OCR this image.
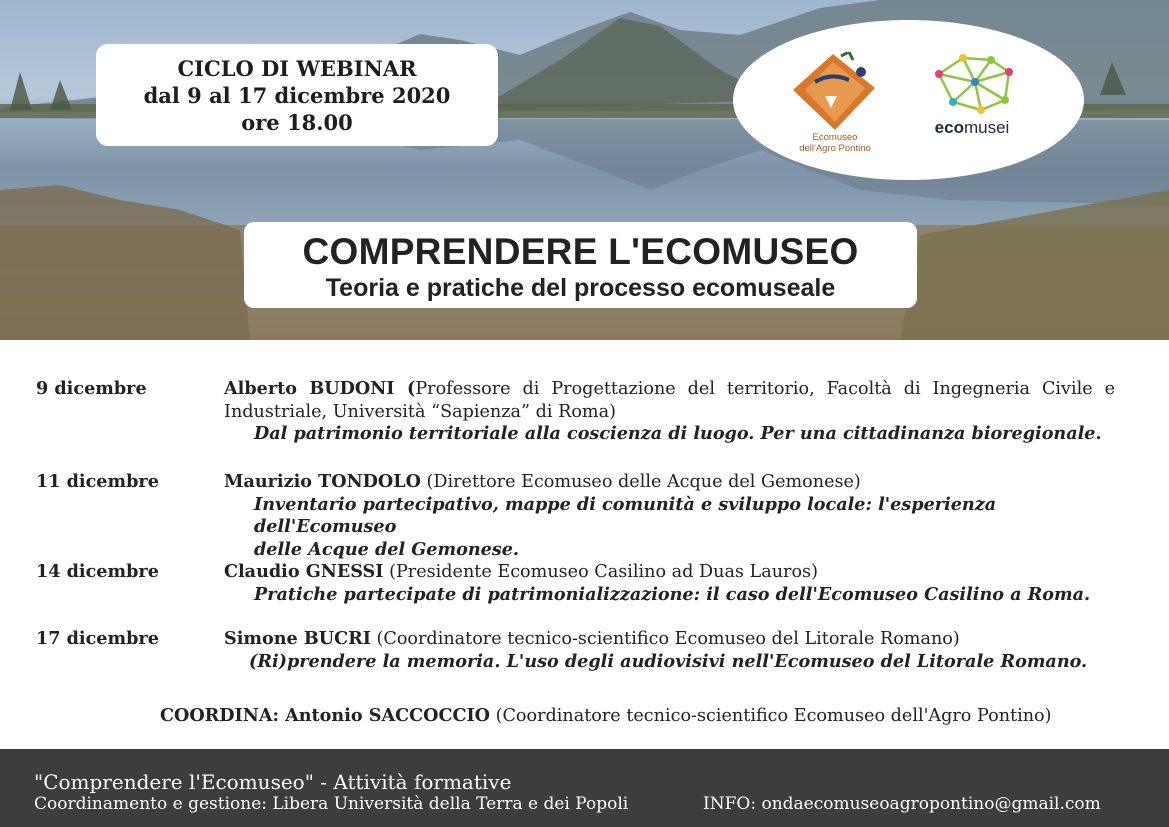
CICLO DI WEBINAR
dal 9 al 17 dicembre 2020
ore 18.00
Ecomuseo
dell'Agro Pontino
ecomusei
COMPRENDERE L'ECOMUSEO
Teoria e pratiche del processo ecomuseale
9 dicembre	Alberto BUDONI (Professore di Progettazione del territorio, Facoltà di Ingegneria Civile e
Industriale, Università “Sapienza” di Roma)
Dal patrimonio territoriale alla coscienza di luogo. Per una cittadinanza bioregionale.
11 dicembre	Maurizio TONDOLO (Direttore Ecomuseo delle Acque del Gemonese)
Inventario partecipativo, mappe di comunità e sviluppo locale: l'esperienza dell'Ecomuseo
delle Acque del Gemonese.
14 dicembre	Claudio GNESSI (Presidente Ecomuseo Casilino ad Duas Lauros)
Pratiche partecipate di patrimonializzazione: il caso dell'Ecomuseo Casilino a Roma.
17 dicembre	Simone BUCRI (Coordinatore tecnico-scientifico Ecomuseo del Litorale Romano)
(Ri)prendere la memoria. L'uso degli audiovisivi nell'Ecomuseo del Litorale Romano.
COORDINA: Antonio SACCOCCIO (Coordinatore tecnico-scientifico Ecomuseo dell'Agro Pontino)
"Comprendere l'Ecomuseo" - Attività formative
Coordinamento e gestione: Libera Università della Terra e dei Popoli	INFO: ondaecomuseoagropontino@gmail.com
